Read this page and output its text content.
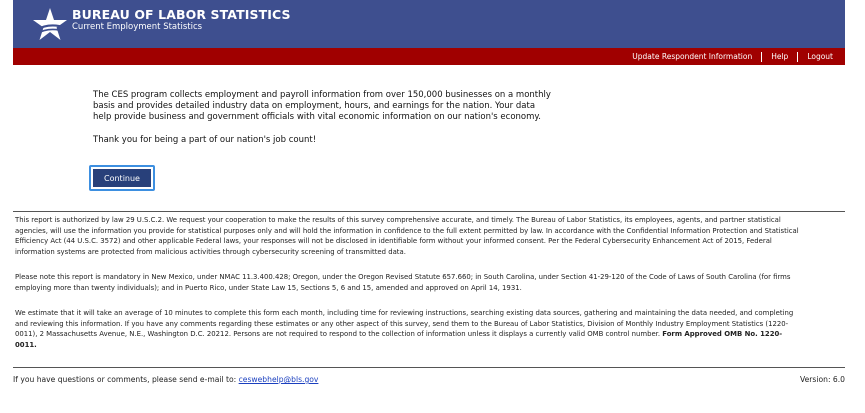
BUREAU OF LABOR STATISTICS
Current Employment Statistics
Update Respondent Information	Help	Logout

The CES program collects employment and payroll information from over 150,000 businesses on a monthly

basis and provides detailed industry data on employment, hours, and earnings for the nation. Your data

help provide business and government officials with vital economic information on our nation's economy.

Thank you for being a part of our nation's job count!
Continue

This report is authorized by law 29 U.S.C.2. We request your cooperation to make the results of this survey comprehensive accurate, and timely. The Bureau of Labor Statistics, its employees, agents, and partner statistical

agencies, will use the information you provide for statistical purposes only and will hold the information in confidence to the full extent permitted by law. In accordance with the Confidential Information Protection and Statistical

Efficiency Act (44 U.S.C. 3572) and other applicable Federal laws, your responses will not be disclosed in identifiable form without your informed consent. Per the Federal Cybersecurity Enhancement Act of 2015, Federal

information systems are protected from malicious activities through cybersecurity screening of transmitted data.

Please note this report is mandatory in New Mexico, under NMAC 11.3.400.428; Oregon, under the Oregon Revised Statute 657.660; in South Carolina, under Section 41-29-120 of the Code of Laws of South Carolina (for firms

employing more than twenty individuals); and in Puerto Rico, under State Law 15, Sections 5, 6 and 15, amended and approved on April 14, 1931.

We estimate that it will take an average of 10 minutes to complete this form each month, including time for reviewing instructions, searching existing data sources, gathering and maintaining the data needed, and completing

and reviewing this information. If you have any comments regarding these estimates or any other aspect of this survey, send them to the Bureau of Labor Statistics, Division of Monthly Industry Employment Statistics (1220-

0011), 2 Massachusetts Avenue, N.E., Washington D.C. 20212. Persons are not required to respond to the collection of information unless it displays a currently valid OMB control number. Form Approved OMB No. 1220-

0011.

If you have questions or comments, please send e-mail to: ceswebhelp@bls.gov	Version: 6.0
